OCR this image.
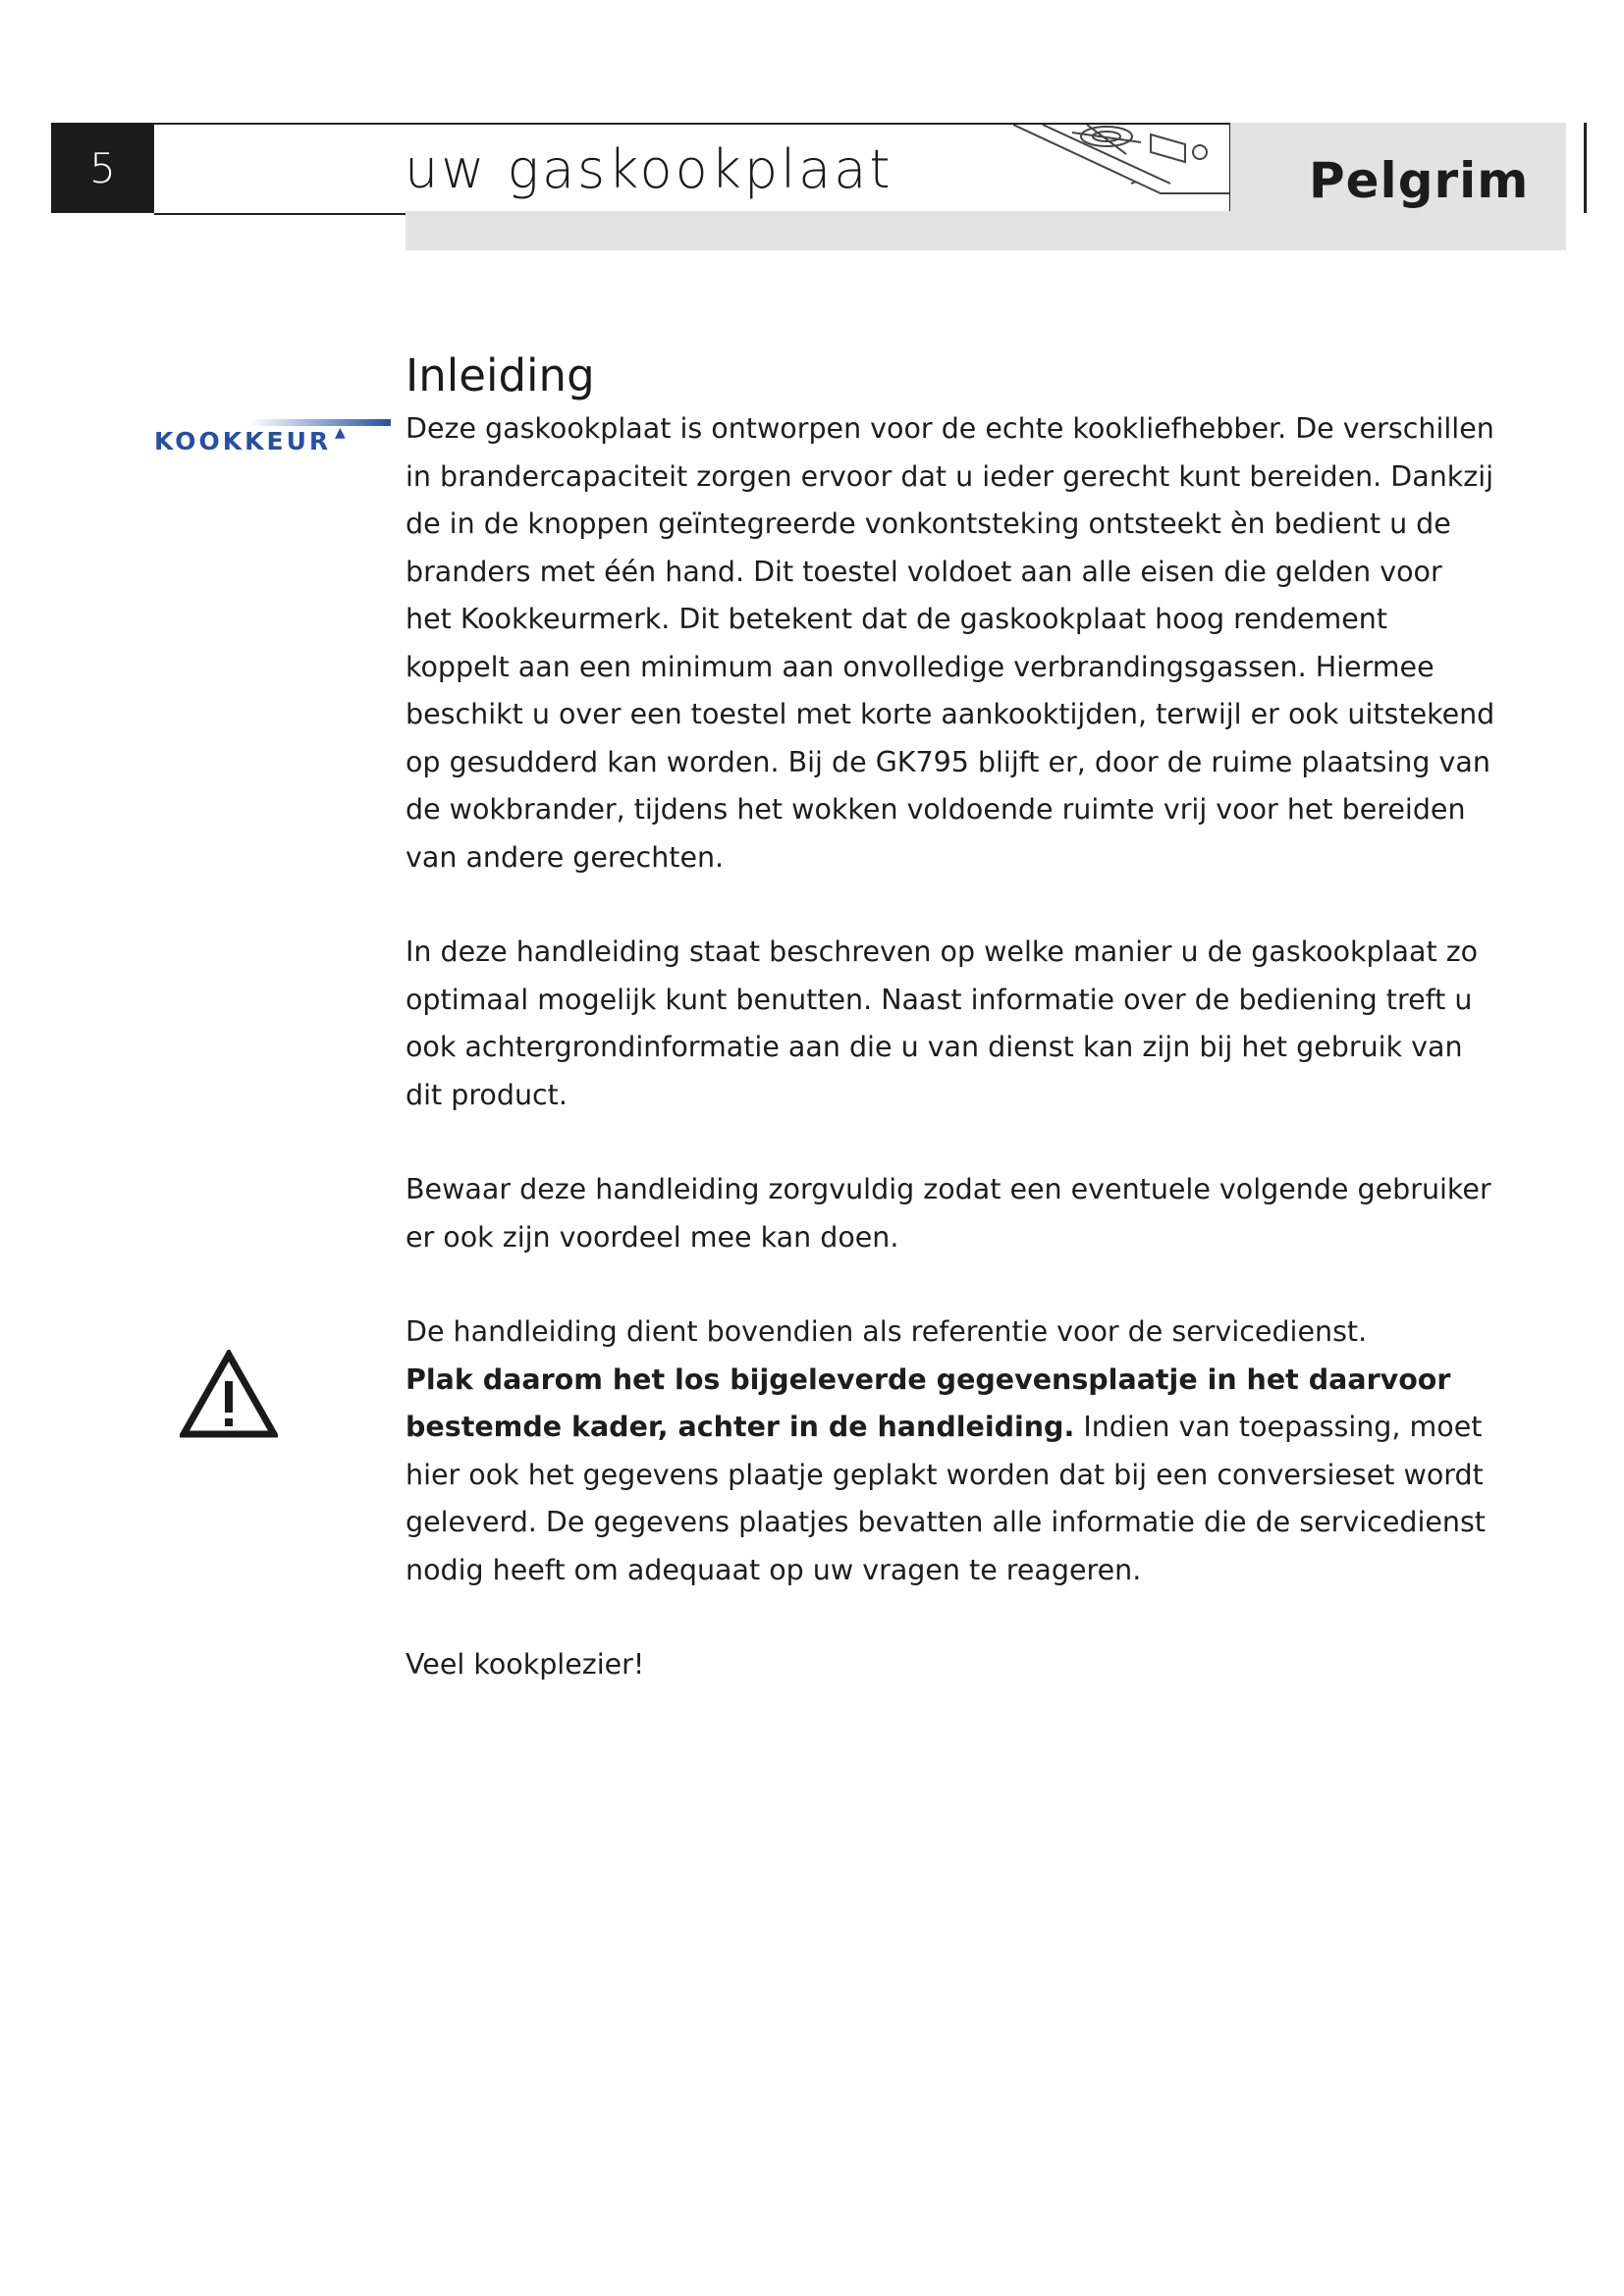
5	uw gaskookplaat	Pelgrim
KOOKKEUR ▲
Inleiding

Deze gaskookplaat is ontworpen voor de echte kookliefhebber. De verschillen in brandercapaciteit zorgen ervoor dat u ieder gerecht kunt bereiden. Dankzij de in de knoppen geïntegreerde vonkontsteking ontsteekt èn bedient u de branders met één hand. Dit toestel voldoet aan alle eisen die gelden voor het Kookkeurmerk. Dit betekent dat de gaskookplaat hoog rendement koppelt aan een minimum aan onvolledige verbrandingsgassen. Hiermee beschikt u over een toestel met korte aankooktijden, terwijl er ook uitstekend op gesudderd kan worden. Bij de GK795 blijft er, door de ruime plaatsing van de wokbrander, tijdens het wokken voldoende ruimte vrij voor het bereiden van andere gerechten.

In deze handleiding staat beschreven op welke manier u de gaskookplaat zo optimaal mogelijk kunt benutten. Naast informatie over de bediening treft u ook achtergrondinformatie aan die u van dienst kan zijn bij het gebruik van dit product.

Bewaar deze handleiding zorgvuldig zodat een eventuele volgende gebruiker er ook zijn voordeel mee kan doen.

De handleiding dient bovendien als referentie voor de servicedienst.
Plak daarom het los bijgeleverde gegevensplaatje in het daarvoor bestemde kader, achter in de handleiding. Indien van toepassing, moet hier ook het gegevens plaatje geplakt worden dat bij een conversieset wordt geleverd. De gegevens plaatjes bevatten alle informatie die de servicedienst nodig heeft om adequaat op uw vragen te reageren.

Veel kookplezier!
